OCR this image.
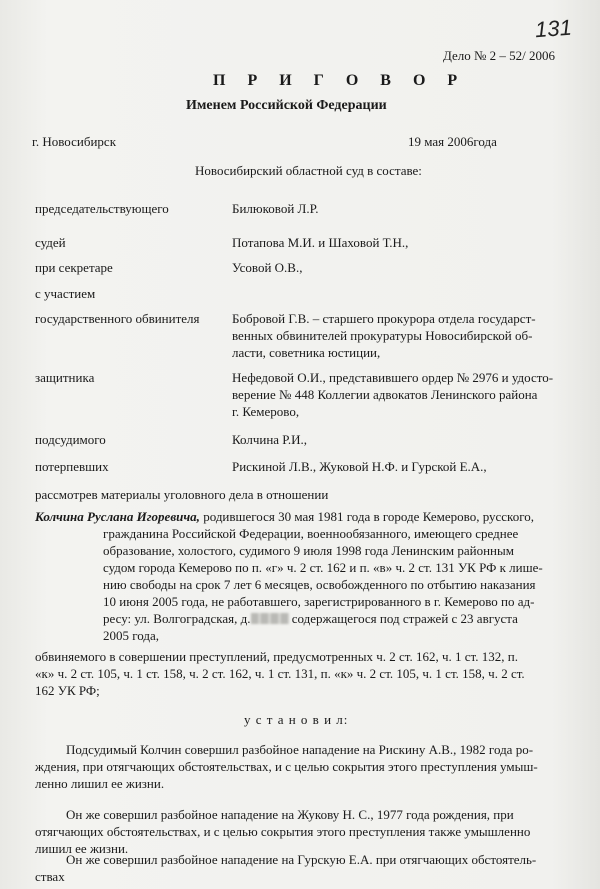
131
Дело № 2 – 52/ 2006
П Р И Г О В О Р
Именем Российской Федерации
г. Новосибирск	19 мая 2006года
Новосибирский областной суд в составе:
председательствующего	Билюковой Л.Р.
судей	Потапова М.И. и Шаховой Т.Н.,
при секретаре	Усовой О.В.,
с участием
государственного обвинителя	Бобровой Г.В. – старшего прокурора отдела государст-
венных обвинителей прокуратуры Новосибирской об-
ласти, советника юстиции,
защитника	Нефедовой О.И., представившего ордер № 2976 и удосто-
верение № 448 Коллегии адвокатов Ленинского района
г. Кемерово,
подсудимого	Колчина Р.И.,
потерпевших	Рискиной Л.В., Жуковой Н.Ф. и Гурской Е.А.,
рассмотрев материалы уголовного дела в отношении
Колчина Руслана Игоревича, родившегося 30 мая 1981 года в городе Кемерово, русского,
гражданина Российской Федерации, военнообязанного, имеющего среднее
образование, холостого, судимого 9 июля 1998 года Ленинским районным
судом города Кемерово по п. «г» ч. 2 ст. 162 и п. «в» ч. 2 ст. 131 УК РФ к лише-
нию свободы на срок 7 лет 6 месяцев, освобожденного по отбытию наказания
10 июня 2005 года, не работавшего, зарегистрированного в г. Кемерово по ад-
ресу: ул. Волгоградская, д.	содержащегося под стражей с 23 августа
2005 года,
обвиняемого в совершении преступлений, предусмотренных ч. 2 ст. 162, ч. 1 ст. 132, п.
«к» ч. 2 ст. 105, ч. 1 ст. 158, ч. 2 ст. 162, ч. 1 ст. 131, п. «к» ч. 2 ст. 105, ч. 1 ст. 158, ч. 2 ст.
162 УК РФ;
у с т а н о в и л:
Подсудимый Колчин совершил разбойное нападение на Рискину А.В., 1982 года ро-
ждения, при отягчающих обстоятельствах, и с целью сокрытия этого преступления умыш-
ленно лишил ее жизни.
Он же совершил разбойное нападение на Жукову Н. С., 1977 года рождения, при
отягчающих обстоятельствах, и с целью сокрытия этого преступления также умышленно
лишил ее жизни.
Он же совершил разбойное нападение на Гурскую Е.А. при отягчающих обстоятель-
ствах
